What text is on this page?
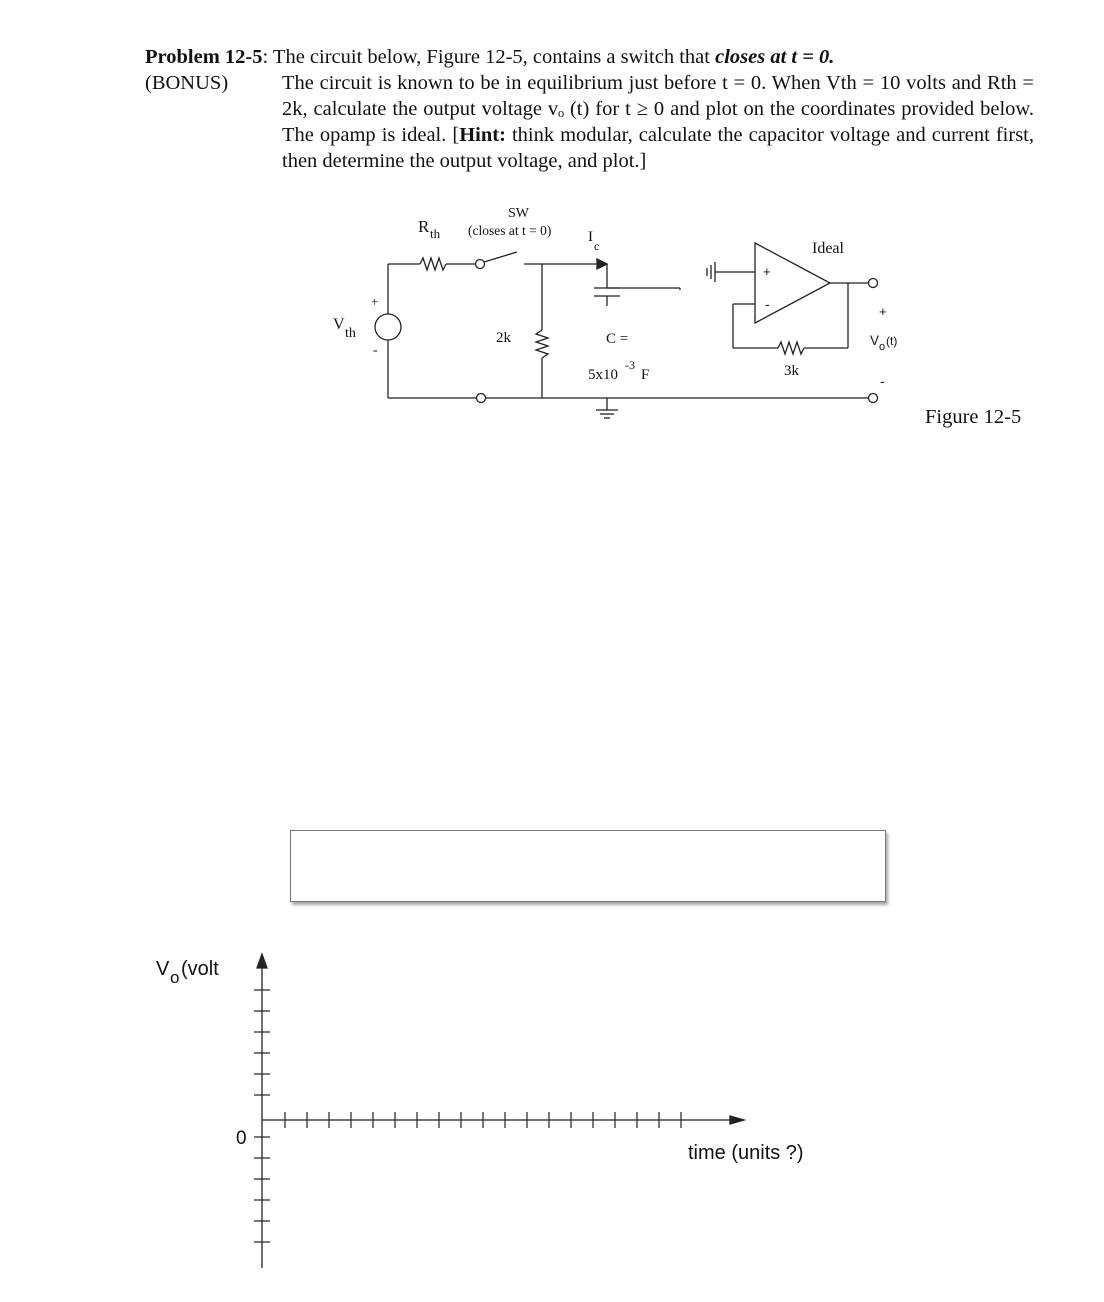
Problem 12-5: The circuit below, Figure 12-5, contains a switch that closes at t = 0.
(BONUS)	The circuit is known to be in equilibrium just before t = 0. When Vth = 10 volts and Rth = 2k, calculate the output voltage vₒ (t) for t ≥ 0 and plot on the coordinates provided below. The opamp is ideal. [Hint: think modular, calculate the capacitor voltage and current first, then determine the output voltage, and plot.]
SW
R th (closes at t = 0) I
c	Ideal
V
th
+
-
2k	C =
5x10
-3
F	3k
+
-	+
V o (t)
-
V o (volt
0
time (units ?)
Figure 12-5
